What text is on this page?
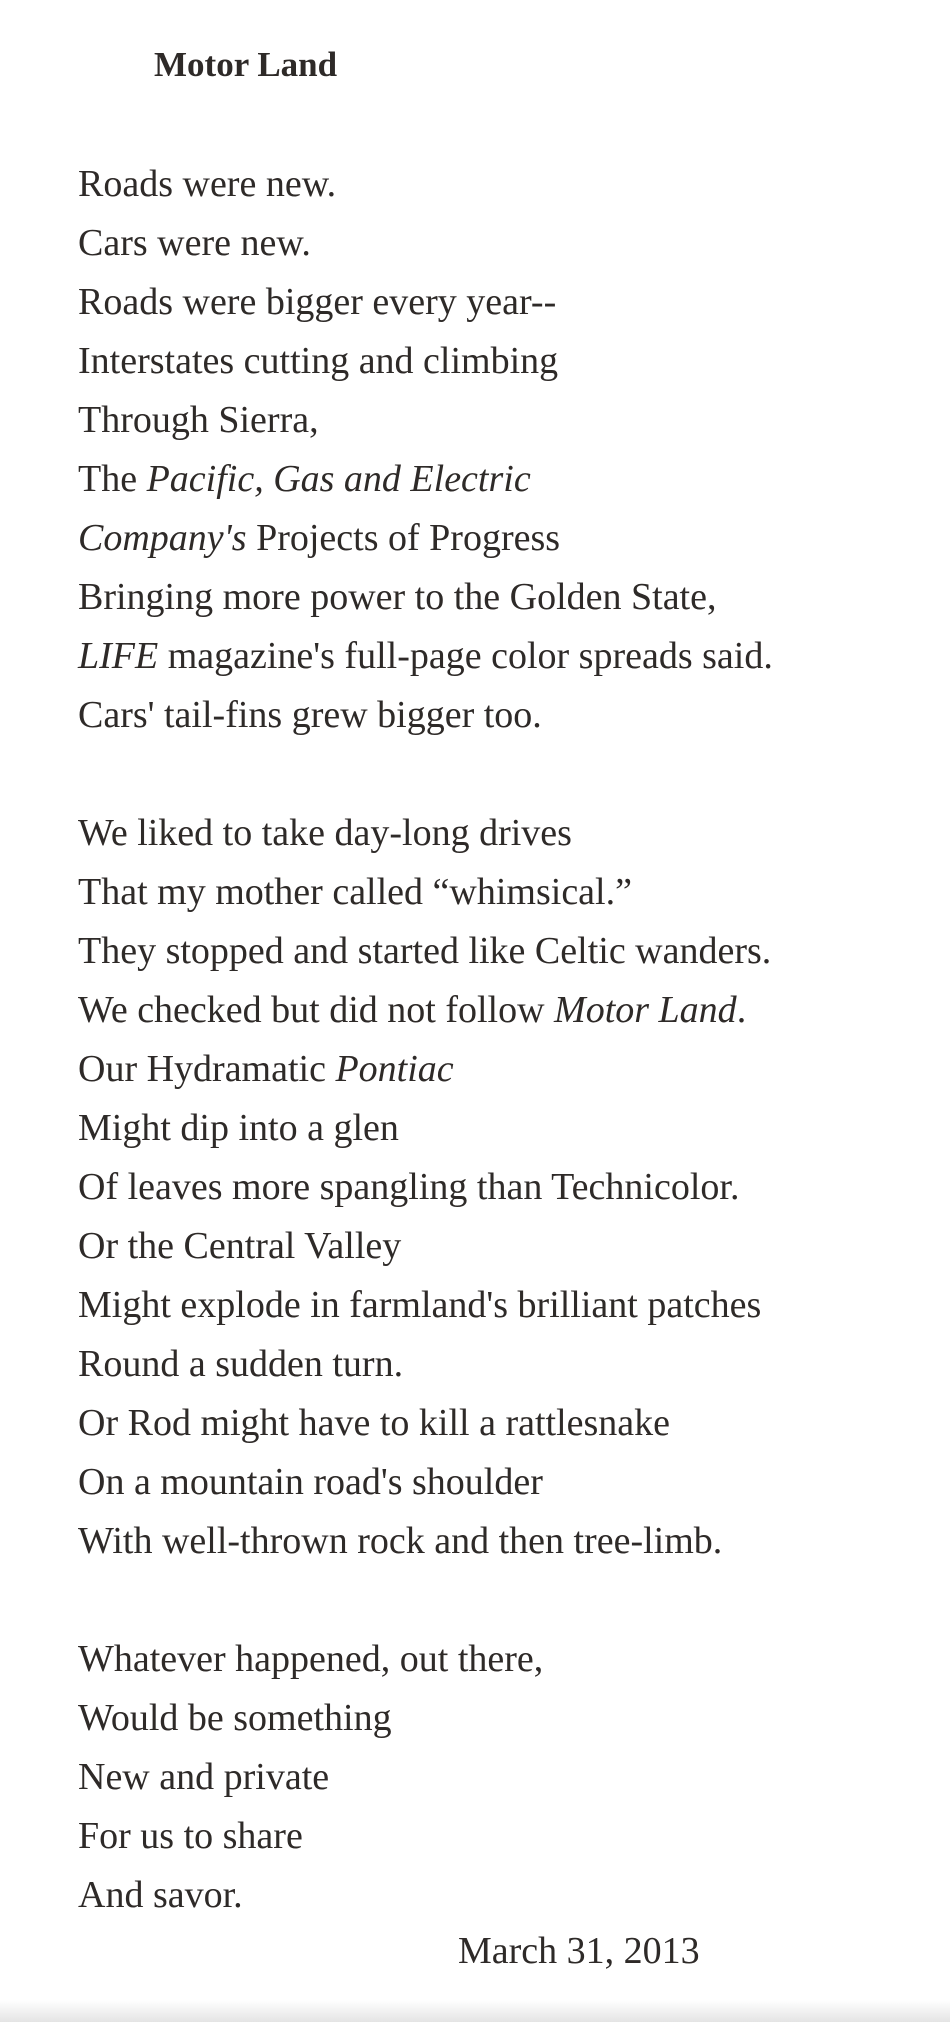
Motor Land
Roads were new.
Cars were new.
Roads were bigger every year--
Interstates cutting and climbing
Through Sierra,
The Pacific, Gas and Electric
Company's Projects of Progress
Bringing more power to the Golden State,
LIFE magazine's full-page color spreads said.
Cars' tail-fins grew bigger too.
We liked to take day-long drives
That my mother called “whimsical.”
They stopped and started like Celtic wanders.
We checked but did not follow Motor Land.
Our Hydramatic Pontiac
Might dip into a glen
Of leaves more spangling than Technicolor.
Or the Central Valley
Might explode in farmland's brilliant patches
Round a sudden turn.
Or Rod might have to kill a rattlesnake
On a mountain road's shoulder
With well-thrown rock and then tree-limb.
Whatever happened, out there,
Would be something
New and private
For us to share
And savor.
March 31, 2013
